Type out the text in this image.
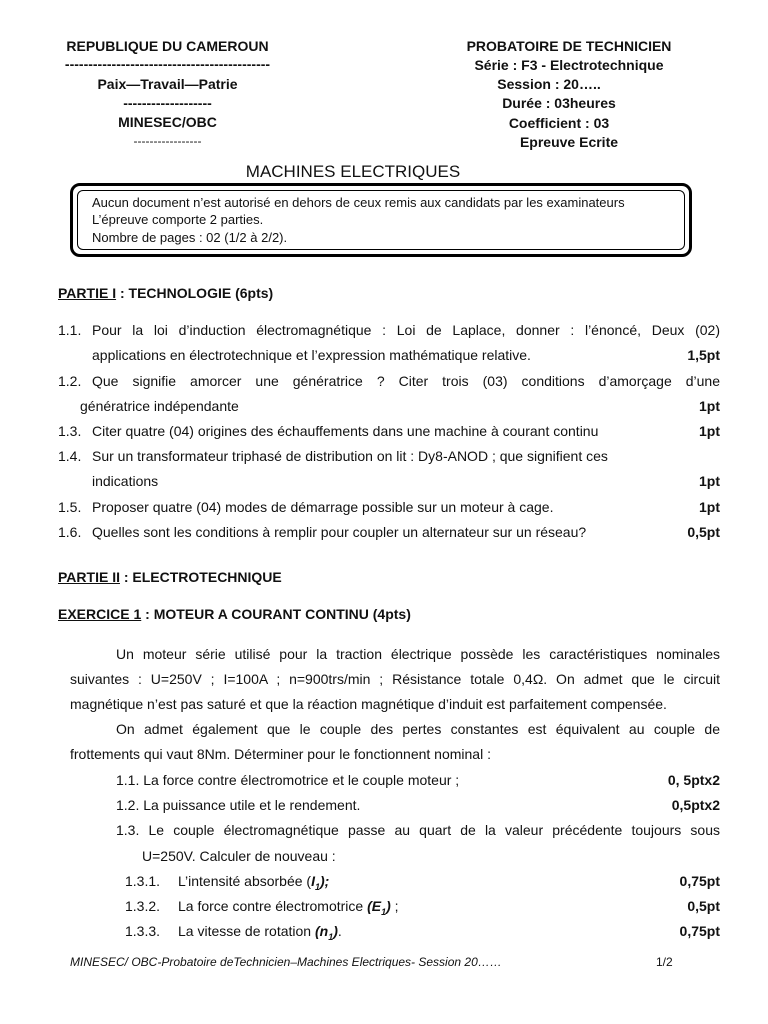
REPUBLIQUE DU CAMEROUN
--------------------------------------------
Paix—Travail—Patrie
-------------------
MINESEC/OBC
-----------------
PROBATOIRE DE TECHNICIEN
Série : F3 - Electrotechnique
Session : 20…..
Durée : 03heures
Coefficient : 03
Epreuve Ecrite
MACHINES ELECTRIQUES
Aucun document n’est autorisé en dehors de ceux remis aux candidats par les examinateurs
L’épreuve comporte 2 parties.
Nombre de pages : 02 (1/2 à 2/2).
PARTIE I : TECHNOLOGIE (6pts)
1.1. Pour la loi d’induction électromagnétique : Loi de Laplace, donner : l’énoncé, Deux (02)
applications en électrotechnique et l’expression mathématique relative.	1,5pt
1.2. Que signifie amorcer une génératrice ? Citer trois (03) conditions d’amorçage d’une
génératrice indépendante	1pt
1.3. Citer quatre (04) origines des échauffements dans une machine à courant continu	1pt
1.4. Sur un transformateur triphasé de distribution on lit : Dy8-ANOD ; que signifient ces
indications	1pt
1.5. Proposer quatre (04) modes de démarrage possible sur un moteur à cage.	1pt
1.6. Quelles sont les conditions à remplir pour coupler un alternateur sur un réseau?	0,5pt
PARTIE II : ELECTROTECHNIQUE
EXERCICE 1 : MOTEUR A COURANT CONTINU (4pts)
Un moteur série utilisé pour la traction électrique possède les caractéristiques nominales
suivantes : U=250V ; I=100A ; n=900trs/min ; Résistance totale 0,4Ω. On admet que le circuit
magnétique n’est pas saturé et que la réaction magnétique d’induit est parfaitement compensée.
On admet également que le couple des pertes constantes est équivalent au couple de
frottements qui vaut 8Nm. Déterminer pour le fonctionnent nominal :
1.1. La force contre électromotrice et le couple moteur ;	0, 5ptx2
1.2. La puissance utile et le rendement.	0,5ptx2
1.3. Le couple électromagnétique passe au quart de la valeur précédente toujours sous
U=250V. Calculer de nouveau :
1.3.1. L’intensité absorbée $(I_1)$;	0,75pt
1.3.2. La force contre électromotrice $(E_1)$ ;	0,5pt
1.3.3. La vitesse de rotation $(n_1)$.	0,75pt
MINESEC/ OBC-Probatoire deTechnicien–Machines Electriques- Session 20……	1/2
